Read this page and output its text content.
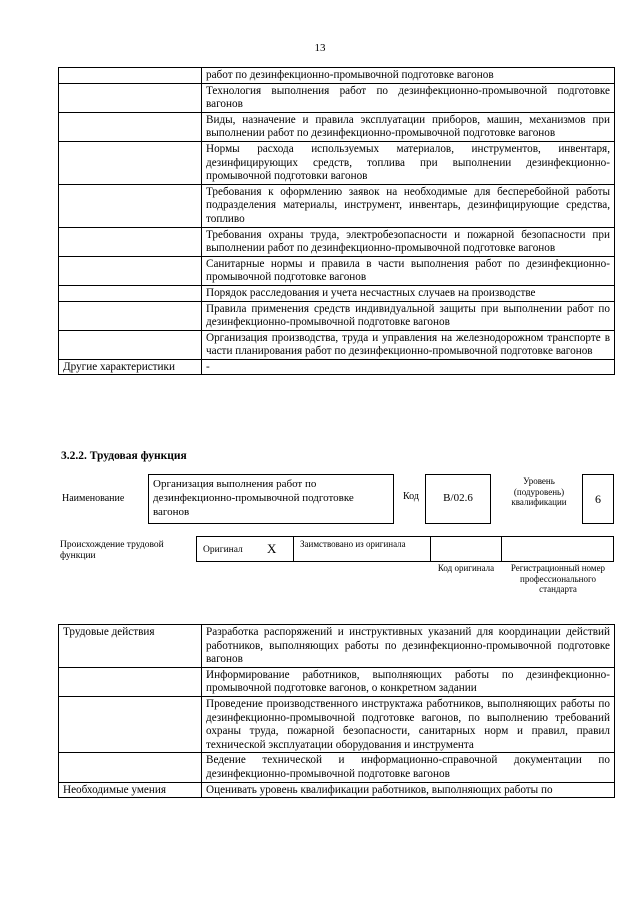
13
	работ по дезинфекционно-промывочной подготовке вагонов
	Технология выполнения работ по дезинфекционно-промывочной подготовке вагонов
	Виды, назначение и правила эксплуатации приборов, машин, механизмов при выполнении работ по дезинфекционно-промывочной подготовке вагонов
	Нормы расхода используемых материалов, инструментов, инвентаря, дезинфицирующих средств, топлива при выполнении дезинфекционно-промывочной подготовки вагонов
	Требования к оформлению заявок на необходимые для бесперебойной работы подразделения материалы, инструмент, инвентарь, дезинфицирующие средства, топливо
	Требования охраны труда, электробезопасности и пожарной безопасности при выполнении работ по дезинфекционно-промывочной подготовке вагонов
	Санитарные нормы и правила в части выполнения работ по дезинфекционно-промывочной подготовке вагонов
	Порядок расследования и учета несчастных случаев на производстве
	Правила применения средств индивидуальной защиты при выполнении работ по дезинфекционно-промывочной подготовке вагонов
	Организация производства, труда и управления на железнодорожном транспорте в части планирования работ по дезинфекционно-промывочной подготовке вагонов
Другие характеристики	-
3.2.2. Трудовая функция
Наименование
Организация выполнения работ по дезинфекционно-промывочной подготовке вагонов
Код	B/02.6
Уровень (подуровень) квалификации	6
Происхождение трудовой функции
Оригинал X	Заимствовано из оригинала
Код оригинала	Регистрационный номер профессионального стандарта
Трудовые действия	Разработка распоряжений и инструктивных указаний для координации действий работников, выполняющих работы по дезинфекционно-промывочной подготовке вагонов
	Информирование работников, выполняющих работы по дезинфекционно-промывочной подготовке вагонов, о конкретном задании
	Проведение производственного инструктажа работников, выполняющих работы по дезинфекционно-промывочной подготовке вагонов, по выполнению требований охраны труда, пожарной безопасности, санитарных норм и правил, правил технической эксплуатации оборудования и инструмента
	Ведение технической и информационно-справочной документации по дезинфекционно-промывочной подготовке вагонов
Необходимые умения	Оценивать уровень квалификации работников, выполняющих работы по
